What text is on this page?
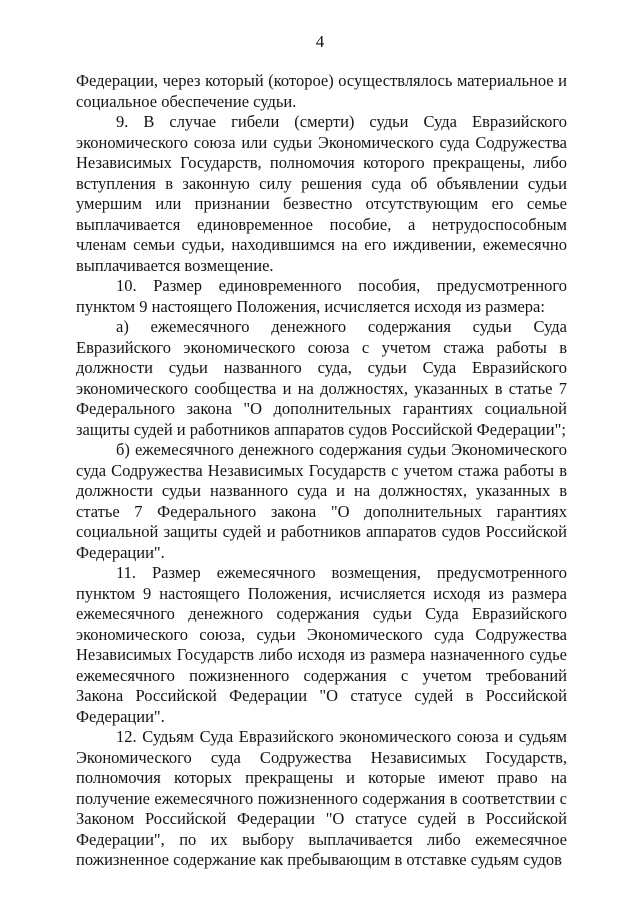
4

Федерации, через который (которое) осуществлялось материальное и социальное обеспечение судьи.

9. В случае гибели (смерти) судьи Суда Евразийского экономического союза или судьи Экономического суда Содружества Независимых Государств, полномочия которого прекращены, либо вступления в законную силу решения суда об объявлении судьи умершим или признании безвестно отсутствующим его семье выплачивается единовременное пособие, а нетрудоспособным членам семьи судьи, находившимся на его иждивении, ежемесячно выплачивается возмещение.

10. Размер единовременного пособия, предусмотренного пунктом 9 настоящего Положения, исчисляется исходя из размера:

а) ежемесячного денежного содержания судьи Суда Евразийского экономического союза с учетом стажа работы в должности судьи названного суда, судьи Суда Евразийского экономического сообщества и на должностях, указанных в статье 7 Федерального закона "О дополнительных гарантиях социальной защиты судей и работников аппаратов судов Российской Федерации";

б) ежемесячного денежного содержания судьи Экономического суда Содружества Независимых Государств с учетом стажа работы в должности судьи названного суда и на должностях, указанных в статье 7 Федерального закона "О дополнительных гарантиях социальной защиты судей и работников аппаратов судов Российской Федерации".

11. Размер ежемесячного возмещения, предусмотренного пунктом 9 настоящего Положения, исчисляется исходя из размера ежемесячного денежного содержания судьи Суда Евразийского экономического союза, судьи Экономического суда Содружества Независимых Государств либо исходя из размера назначенного судье ежемесячного пожизненного содержания с учетом требований Закона Российской Федерации "О статусе судей в Российской Федерации".

12. Судьям Суда Евразийского экономического союза и судьям Экономического суда Содружества Независимых Государств, полномочия которых прекращены и которые имеют право на получение ежемесячного пожизненного содержания в соответствии с Законом Российской Федерации "О статусе судей в Российской Федерации", по их выбору выплачивается либо ежемесячное пожизненное содержание как пребывающим в отставке судьям судов
